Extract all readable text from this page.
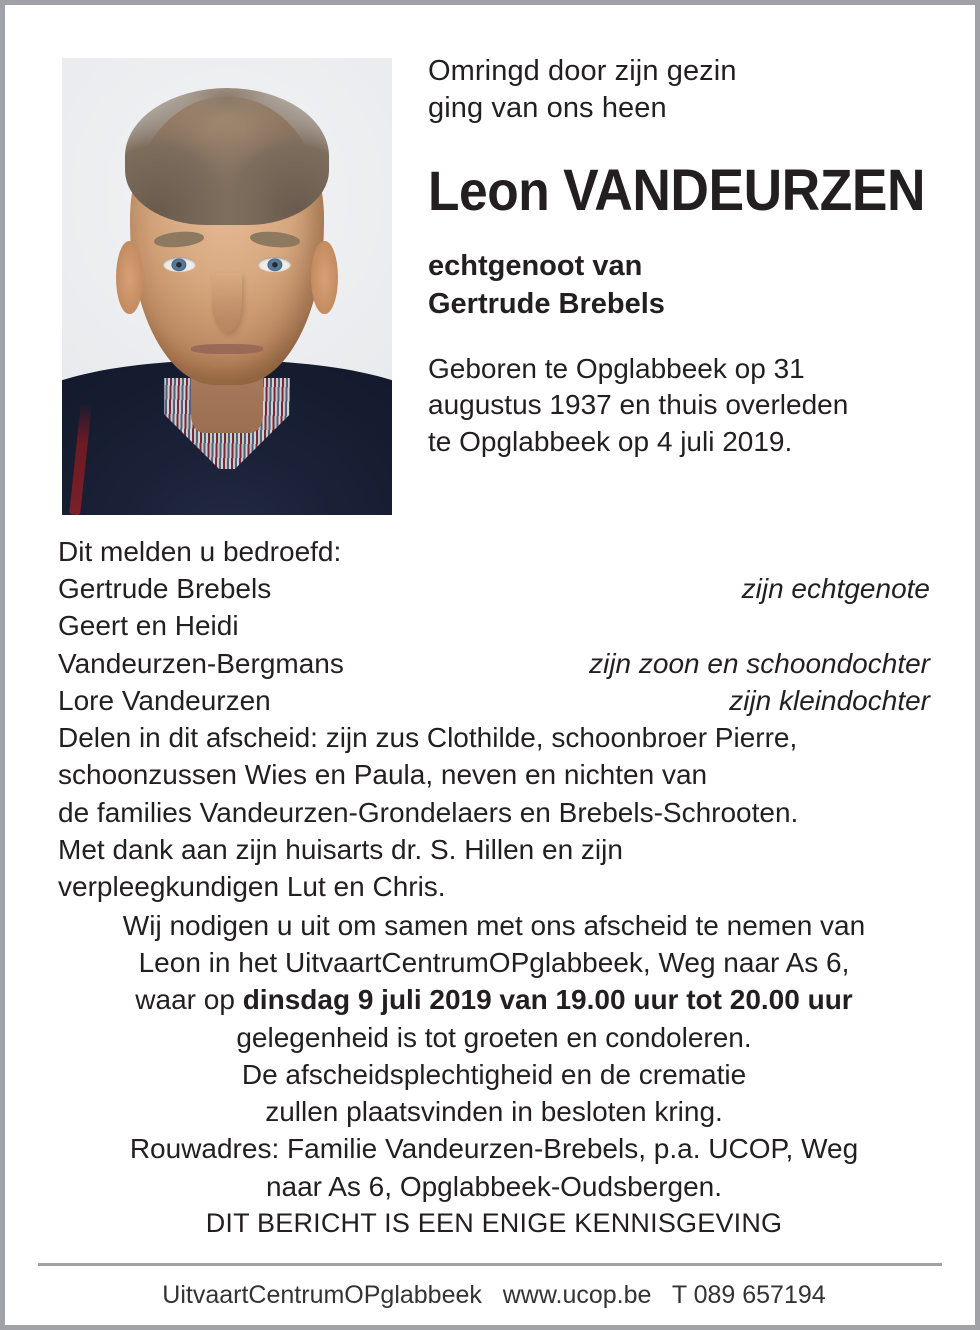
Omringd door zijn gezin
ging van ons heen
Leon VANDEURZEN
echtgenoot van
Gertrude Brebels
Geboren te Opglabbeek op 31
augustus 1937 en thuis overleden
te Opglabbeek op 4 juli 2019.
Dit melden u bedroefd:
Gertrude Brebels	zijn echtgenote
Geert en Heidi
Vandeurzen-Bergmans	zijn zoon en schoondochter
Lore Vandeurzen	zijn kleindochter
Delen in dit afscheid: zijn zus Clothilde, schoonbroer Pierre,
schoonzussen Wies en Paula, neven en nichten van
de families Vandeurzen-Grondelaers en Brebels-Schrooten.
Met dank aan zijn huisarts dr. S. Hillen en zijn
verpleegkundigen Lut en Chris.
Wij nodigen u uit om samen met ons afscheid te nemen van
Leon in het UitvaartCentrumOPglabbeek, Weg naar As 6,
waar op dinsdag 9 juli 2019 van 19.00 uur tot 20.00 uur
gelegenheid is tot groeten en condoleren.
De afscheidsplechtigheid en de crematie
zullen plaatsvinden in besloten kring.
Rouwadres: Familie Vandeurzen-Brebels, p.a. UCOP, Weg
naar As 6, Opglabbeek-Oudsbergen.
DIT BERICHT IS EEN ENIGE KENNISGEVING
UitvaartCentrumOPglabbeek www.ucop.be T 089 657194
